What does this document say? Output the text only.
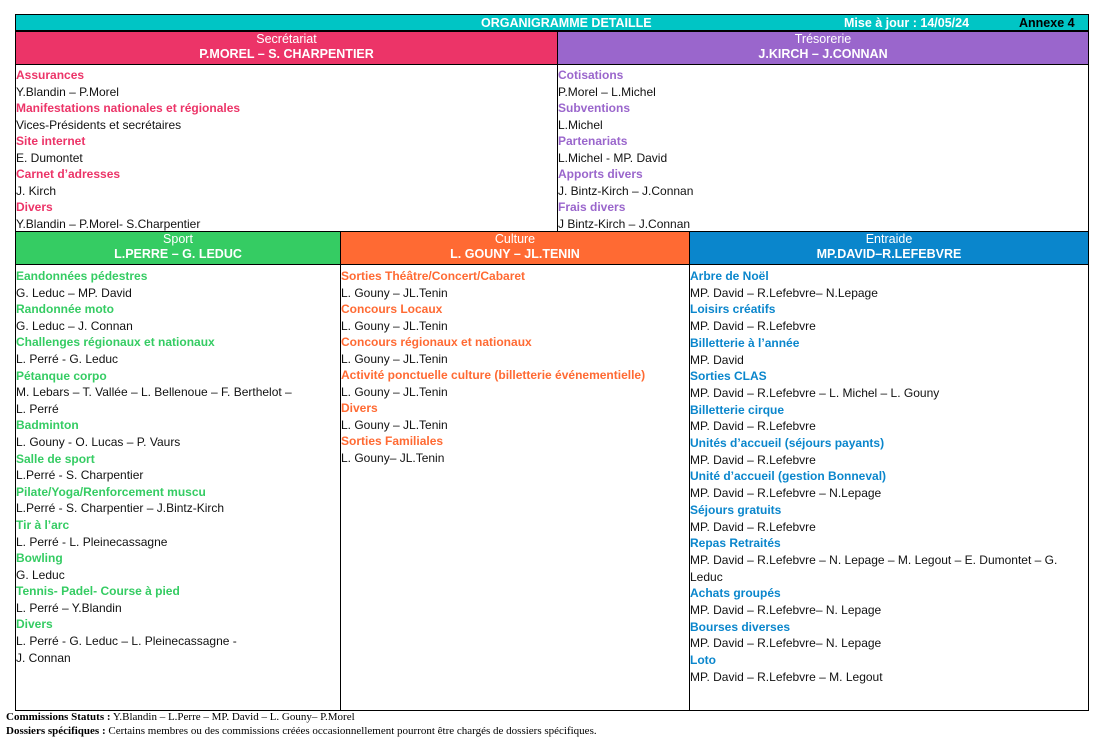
ORGANIGRAMME DETAILLE	Mise à jour : 14/05/24	Annexe 4
Secrétariat
P.MOREL – S. CHARPENTIER
Trésorerie
J.KIRCH – J.CONNAN
Assurances
Y.Blandin – P.Morel
Manifestations nationales et régionales
Vices-Présidents et secrétaires
Site internet
E. Dumontet
Carnet d’adresses
J. Kirch
Divers
Y.Blandin – P.Morel- S.Charpentier
Cotisations
P.Morel – L.Michel
Subventions
L.Michel
Partenariats
L.Michel - MP. David
Apports divers
J. Bintz-Kirch – J.Connan
Frais divers
J Bintz-Kirch – J.Connan
Sport
L.PERRE – G. LEDUC
Culture
L. GOUNY – JL.TENIN
Entraide
MP.DAVID–R.LEFEBVRE
Eandonnées pédestres
G. Leduc – MP. David
Randonnée moto
G. Leduc – J. Connan
Challenges régionaux et nationaux
L. Perré - G. Leduc
Pétanque corpo
M. Lebars – T. Vallée – L. Bellenoue – F. Berthelot –
L. Perré
Badminton
L. Gouny - O. Lucas – P. Vaurs
Salle de sport
L.Perré - S. Charpentier
Pilate/Yoga/Renforcement muscu
L.Perré - S. Charpentier – J.Bintz-Kirch
Tir à l’arc
L. Perré - L. Pleinecassagne
Bowling
G. Leduc
Tennis- Padel- Course à pied
L. Perré – Y.Blandin
Divers
L. Perré - G. Leduc – L. Pleinecassagne -
J. Connan
Sorties Théâtre/Concert/Cabaret
L. Gouny – JL.Tenin
Concours Locaux
L. Gouny – JL.Tenin
Concours régionaux et nationaux
L. Gouny – JL.Tenin
Activité ponctuelle culture (billetterie événementielle)
L. Gouny – JL.Tenin
Divers
L. Gouny – JL.Tenin
Sorties Familiales
L. Gouny– JL.Tenin
Arbre de Noël
MP. David – R.Lefebvre– N.Lepage
Loisirs créatifs
MP. David – R.Lefebvre
Billetterie à l’année
MP. David
Sorties CLAS
MP. David – R.Lefebvre – L. Michel – L. Gouny
Billetterie cirque
MP. David – R.Lefebvre
Unités d’accueil (séjours payants)
MP. David – R.Lefebvre
Unité d’accueil (gestion Bonneval)
MP. David – R.Lefebvre – N.Lepage
Séjours gratuits
MP. David – R.Lefebvre
Repas Retraités
MP. David – R.Lefebvre – N. Lepage – M. Legout – E. Dumontet – G.
Leduc
Achats groupés
MP. David – R.Lefebvre– N. Lepage
Bourses diverses
MP. David – R.Lefebvre– N. Lepage
Loto
MP. David – R.Lefebvre – M. Legout
Commissions Statuts : Y.Blandin – L.Perre – MP. David – L. Gouny– P.Morel
Dossiers spécifiques : Certains membres ou des commissions créées occasionnellement pourront être chargés de dossiers spécifiques.
